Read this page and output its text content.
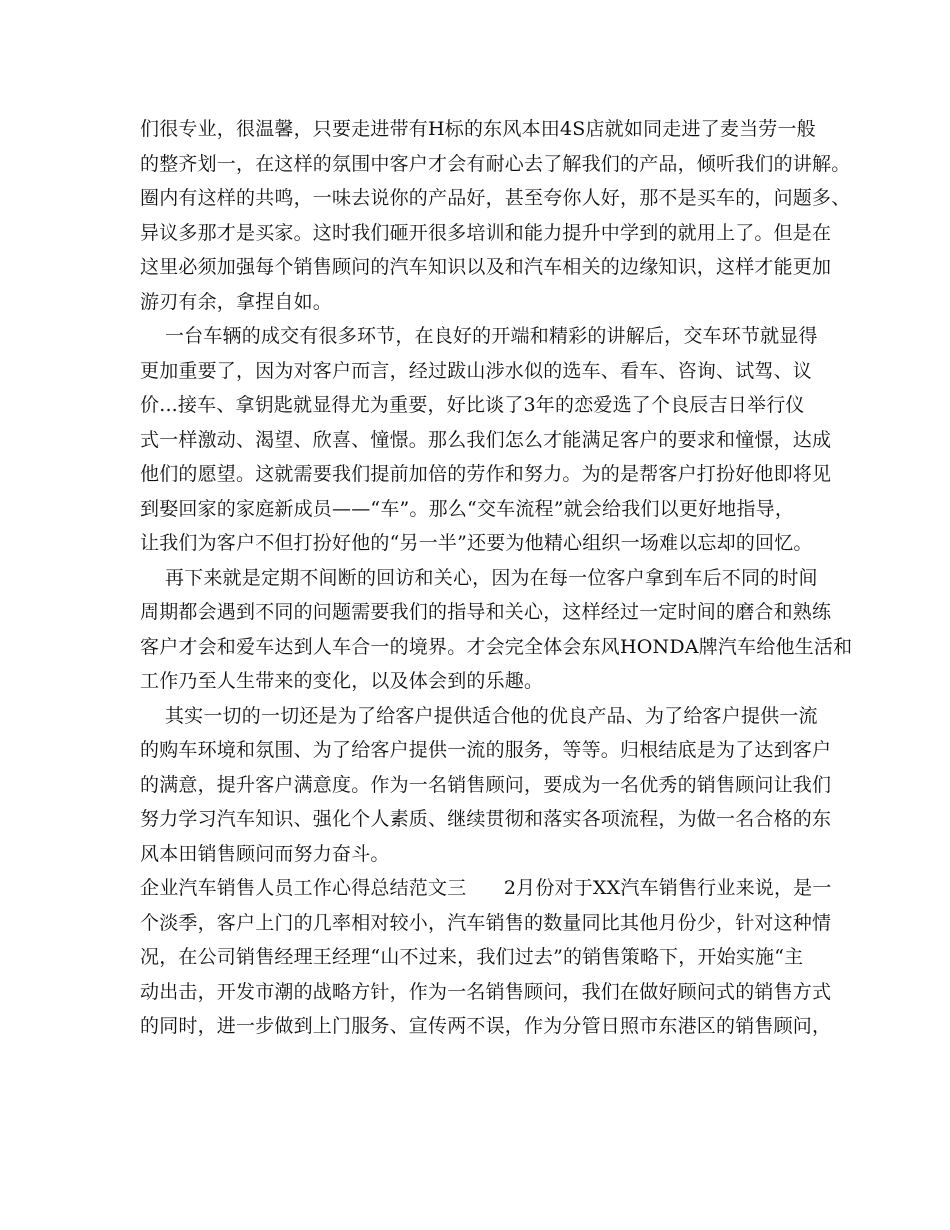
们很专业，很温馨，只要走进带有H标的东风本田4S店就如同走进了麦当劳一般
的整齐划一，在这样的氛围中客户才会有耐心去了解我们的产品，倾听我们的讲解。
圈内有这样的共鸣，一味去说你的产品好，甚至夸你人好，那不是买车的，问题多、
异议多那才是买家。这时我们砸开很多培训和能力提升中学到的就用上了。但是在
这里必须加强每个销售顾问的汽车知识以及和汽车相关的边缘知识，这样才能更加
游刃有余，拿捏自如。
一台车辆的成交有很多环节，在良好的开端和精彩的讲解后，交车环节就显得
更加重要了，因为对客户而言，经过跋山涉水似的选车、看车、咨询、试驾、议
价...接车、拿钥匙就显得尤为重要，好比谈了3年的恋爱选了个良辰吉日举行仪
式一样激动、渴望、欣喜、憧憬。那么我们怎么才能满足客户的要求和憧憬，达成
他们的愿望。这就需要我们提前加倍的劳作和努力。为的是帮客户打扮好他即将见
到娶回家的家庭新成员——“车”。那么“交车流程”就会给我们以更好地指导，
让我们为客户不但打扮好他的“另一半”还要为他精心组织一场难以忘却的回忆。
再下来就是定期不间断的回访和关心，因为在每一位客户拿到车后不同的时间
周期都会遇到不同的问题需要我们的指导和关心，这样经过一定时间的磨合和熟练
客户才会和爱车达到人车合一的境界。才会完全体会东风HONDA牌汽车给他生活和
工作乃至人生带来的变化，以及体会到的乐趣。
其实一切的一切还是为了给客户提供适合他的优良产品、为了给客户提供一流
的购车环境和氛围、为了给客户提供一流的服务，等等。归根结底是为了达到客户
的满意，提升客户满意度。作为一名销售顾问，要成为一名优秀的销售顾问让我们
努力学习汽车知识、强化个人素质、继续贯彻和落实各项流程，为做一名合格的东
风本田销售顾问而努力奋斗。
企业汽车销售人员工作心得总结范文三      2月份对于XX汽车销售行业来说，是一
个淡季，客户上门的几率相对较小，汽车销售的数量同比其他月份少，针对这种情
况，在公司销售经理王经理“山不过来，我们过去”的销售策略下，开始实施“主
动出击，开发市潮的战略方针，作为一名销售顾问，我们在做好顾问式的销售方式
的同时，进一步做到上门服务、宣传两不误，作为分管日照市东港区的销售顾问，
